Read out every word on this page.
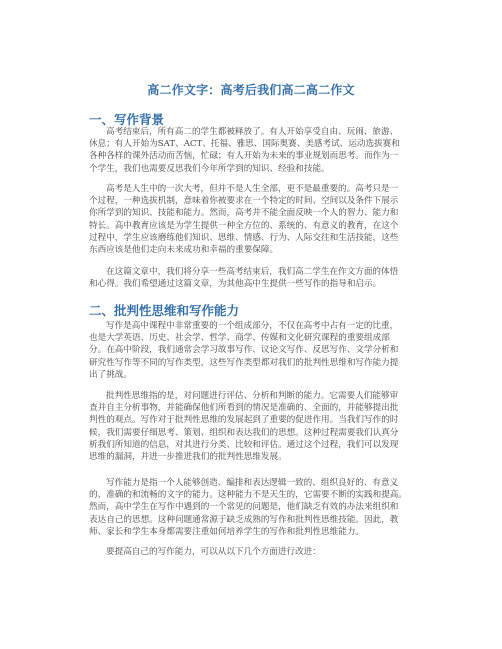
高二作文字：高考后我们高二高二作文
一、写作背景

高考结束后，所有高二的学生都被释放了。有人开始享受自由、玩闹、旅游、
休息；有人开始为SAT、ACT、托福、雅思、国际奥赛、美感考试、运动选拔赛和
各种各样的课外活动而苦恼，忙碌；有人开始为未来的事业规划而思考。而作为一
个学生，我们也需要反思我们今年所学到的知识、经验和技能。

高考是人生中的一次大考，但并不是人生全部，更不是最重要的。高考只是一
个过程，一种选拔机制，意味着你被要求在一个特定的时间、空间以及条件下展示
你所学到的知识、技能和能力。然而，高考并不能全面反映一个人的智力、能力和
特长。高中教育应该是为学生提供一种全方位的、系统的、有意义的教育，在这个
过程中，学生应该磨练他们知识、思维、情感、行为、人际交往和生活技能，这些
东西应该是他们走向未来成功和幸福的重要保障。

在这篇文章中，我们将分享一些高考结束后，我们高二学生在作文方面的体悟
和心得。我们希望通过这篇文章，为其他高中生提供一些写作的指导和启示。

二、批判性思维和写作能力

写作是高中课程中非常重要的一个组成部分，不仅在高考中占有一定的比重，
也是大学英语、历史、社会学、哲学、商学、传媒和文化研究课程的重要组成部
分。在高中阶段，我们通常会学习故事写作、议论文写作、反思写作、文学分析和
研究性写作等不同的写作类型，这些写作类型都对我们的批判性思维和写作能力提
出了挑战。

批判性思维指的是，对问题进行评估、分析和判断的能力。它需要人们能够审
查并自主分析事物，并能确保他们所看到的情况是准确的、全面的，并能够提出批
判性的观点。写作对于批判性思维的发展起到了重要的促进作用。当我们写作的时
候，我们需要仔细思考、策划、组织和表达我们的思想。这种过程需要我们认真分
析我们所知道的信息，对其进行分类、比较和评估。通过这个过程，我们可以发现
思维的漏洞，并进一步推进我们的批判性思维发展。

写作能力是指一个人能够创造、编排和表达逻辑一致的、组织良好的、有意义
的、准确的和流畅的文字的能力。这种能力不是天生的，它需要不断的实践和提高。
然而，高中学生在写作中遇到的一个常见的问题是，他们缺乏有效的办法来组织和
表达自己的思想。这种问题通常源于缺乏成熟的写作和批判性思维技能。因此，教
师、家长和学生本身都需要注重如何培养学生的写作和批判性思维能力。

要提高自己的写作能力，可以从以下几个方面进行改进：
